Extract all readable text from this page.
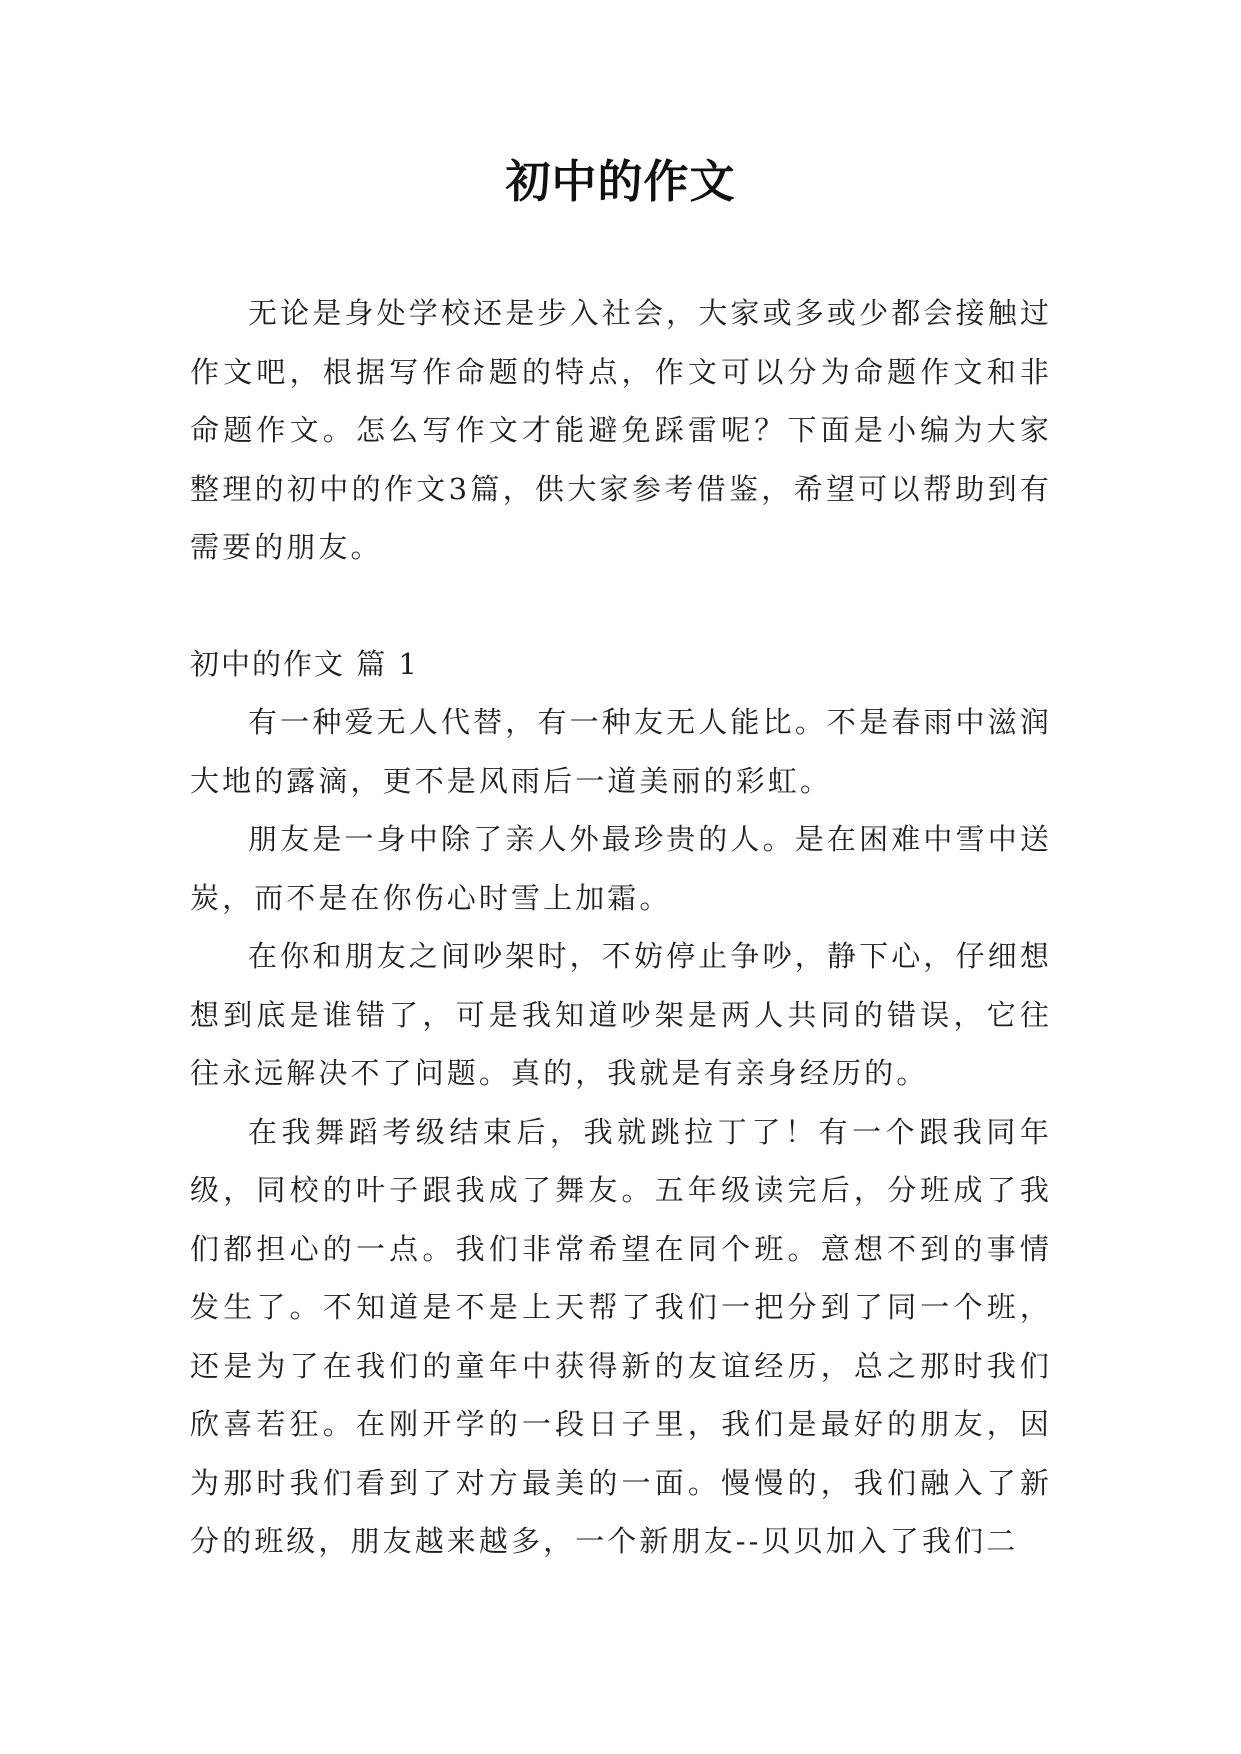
初中的作文

无论是身处学校还是步入社会，大家或多或少都会接触过作文吧，根据写作命题的特点，作文可以分为命题作文和非命题作文。怎么写作文才能避免踩雷呢？下面是小编为大家整理的初中的作文3篇，供大家参考借鉴，希望可以帮助到有需要的朋友。

初中的作文 篇 1

有一种爱无人代替，有一种友无人能比。不是春雨中滋润大地的露滴，更不是风雨后一道美丽的彩虹。

朋友是一身中除了亲人外最珍贵的人。是在困难中雪中送炭，而不是在你伤心时雪上加霜。

在你和朋友之间吵架时，不妨停止争吵，静下心，仔细想想到底是谁错了，可是我知道吵架是两人共同的错误，它往往永远解决不了问题。真的，我就是有亲身经历的。

在我舞蹈考级结束后，我就跳拉丁了！有一个跟我同年级，同校的叶子跟我成了舞友。五年级读完后，分班成了我们都担心的一点。我们非常希望在同个班。意想不到的事情发生了。不知道是不是上天帮了我们一把分到了同一个班，还是为了在我们的童年中获得新的友谊经历，总之那时我们欣喜若狂。在刚开学的一段日子里，我们是最好的朋友，因为那时我们看到了对方最美的一面。慢慢的，我们融入了新分的班级，朋友越来越多，一个新朋友--贝贝加入了我们二
